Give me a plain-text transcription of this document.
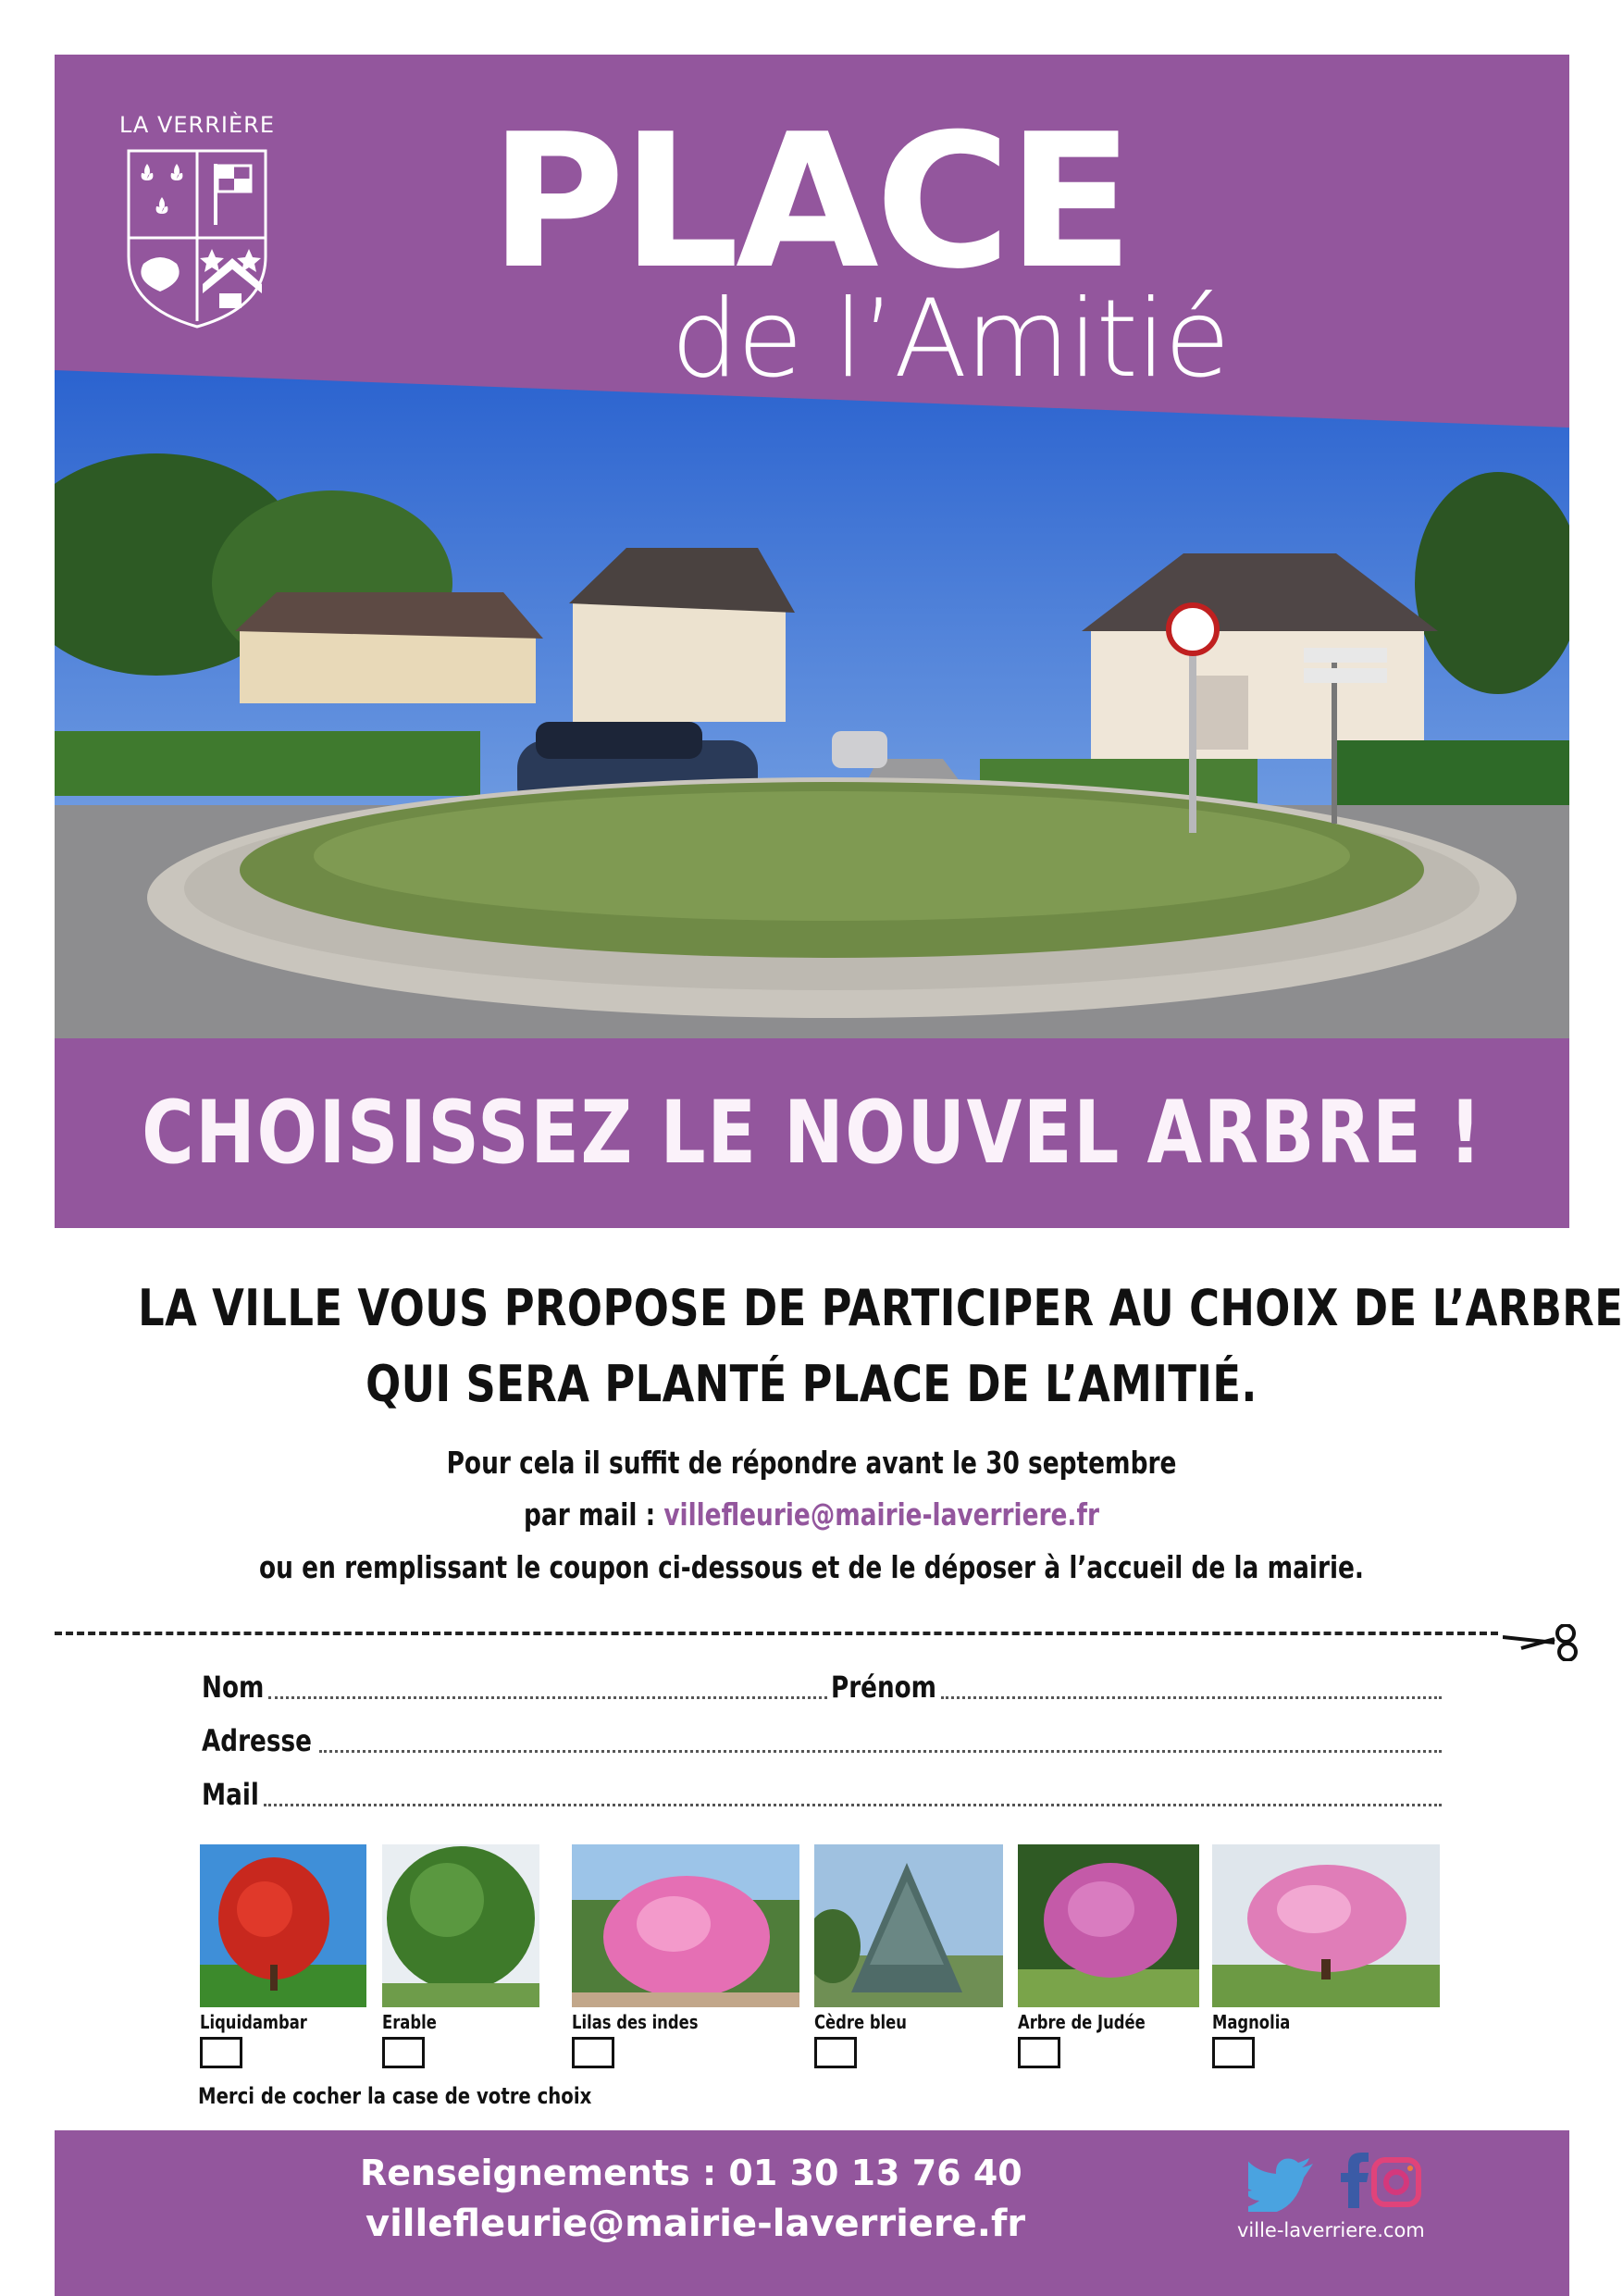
LA VERRIÈRE PLACE
de l’Amitié
CHOISISSEZ LE NOUVEL ARBRE !
LA VILLE VOUS PROPOSE DE PARTICIPER AU CHOIX DE L’ARBRE
QUI SERA PLANTÉ PLACE DE L’AMITIÉ.
Pour cela il suffit de répondre avant le 30 septembre
par mail : villefleurie@mairie-laverriere.fr
ou en remplissant le coupon ci-dessous et de le déposer à l’accueil de la mairie.
Nom	Prénom
Adresse
Mail
Liquidambar	Erable	Lilas des indes	Cèdre bleu	Arbre de Judée	Magnolia
Merci de cocher la case de votre choix
Renseignements : 01 30 13 76 40
villefleurie@mairie-laverriere.fr	ville-laverriere.com
